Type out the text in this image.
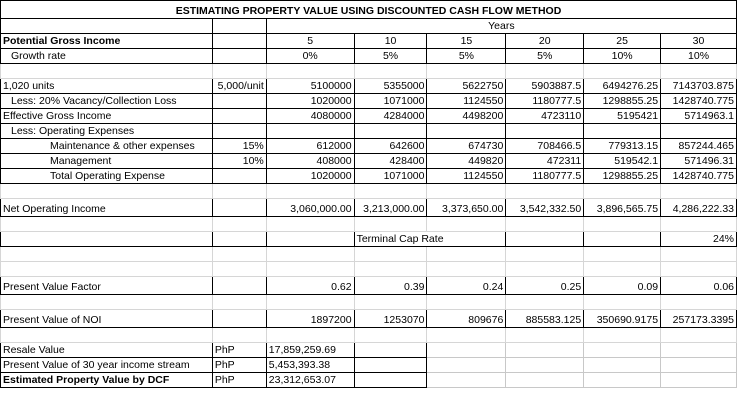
ESTIMATING PROPERTY VALUE USING DISCOUNTED CASH FLOW METHOD							
		Years					
Potential Gross Income		5	10	15	20	25	30
Growth rate		0%	5%	5%	5%	10%	10%

1,020 units	5,000/unit	5100000	5355000	5622750	5903887.5	6494276.25	7143703.875
Less: 20% Vacancy/Collection Loss		1020000	1071000	1124550	1180777.5	1298855.25	1428740.775
Effective Gross Income		4080000	4284000	4498200	4723110	5195421	5714963.1
Less: Operating Expenses							
Maintenance & other expenses	15%	612000	642600	674730	708466.5	779313.15	857244.465
Management	10%	408000	428400	449820	472311	519542.1	571496.31
Total Operating Expense		1020000	1071000	1124550	1180777.5	1298855.25	1428740.775

Net Operating Income		3,060,000.00	3,213,000.00	3,373,650.00	3,542,332.50	3,896,565.75	4,286,222.33

			Terminal Cap Rate				24%

Present Value Factor		0.62	0.39	0.24	0.25	0.09	0.06

Present Value of NOI		1897200	1253070	809676	885583.125	350690.9175	257173.3395

Resale Value	PhP	17,859,259.69					
Present Value of 30 year income stream	PhP	5,453,393.38					
Estimated Property Value by DCF	PhP	23,312,653.07					
